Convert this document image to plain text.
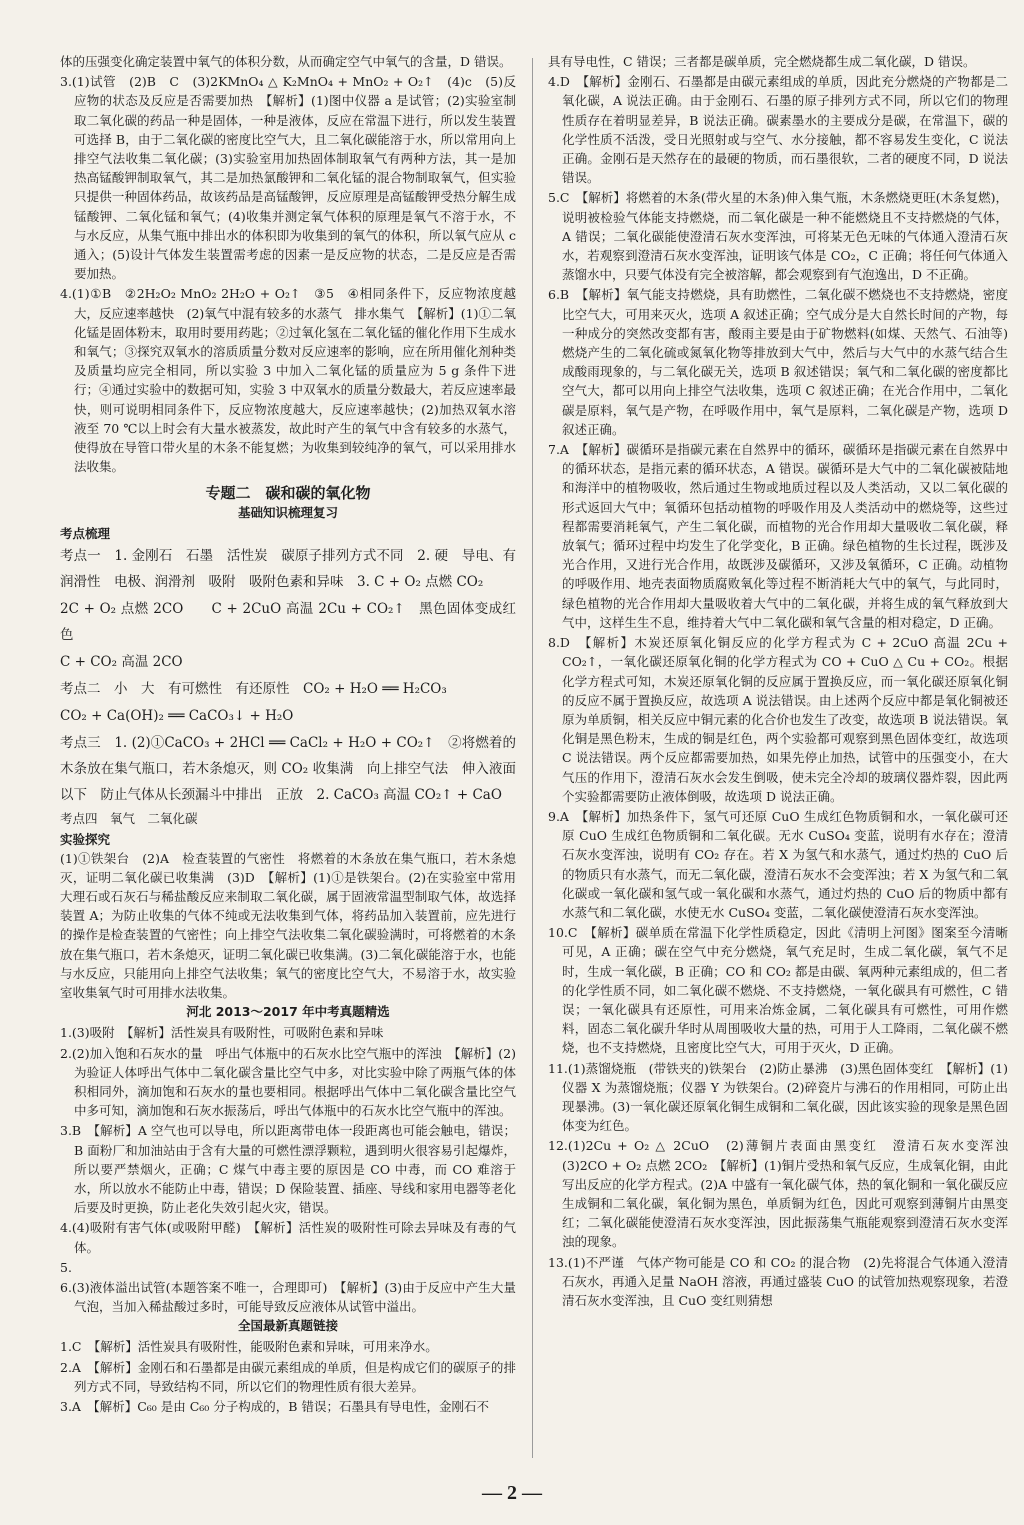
体的压强变化确定装置中氧气的体积分数，从而确定空气中氧气的含量，D 错误。

3.(1)试管　(2)B　C　(3)2KMnO₄ △ K₂MnO₄ + MnO₂ + O₂↑　(4)c　(5)反应物的状态及反应是否需要加热　【解析】(1)图中仪器 a 是试管；(2)实验室制取二氧化碳的药品一种是固体，一种是液体，反应在常温下进行，所以发生装置可选择 B，由于二氧化碳的密度比空气大，且二氧化碳能溶于水，所以常用向上排空气法收集二氧化碳；(3)实验室用加热固体制取氧气有两种方法，其一是加热高锰酸钾制取氧气，其二是加热氯酸钾和二氧化锰的混合物制取氧气，但实验只提供一种固体药品，故该药品是高锰酸钾，反应原理是高锰酸钾受热分解生成锰酸钾、二氧化锰和氧气；(4)收集并测定氧气体积的原理是氧气不溶于水，不与水反应，从集气瓶中排出水的体积即为收集到的氧气的体积，所以氧气应从 c 通入；(5)设计气体发生装置需考虑的因素一是反应物的状态，二是反应是否需要加热。

4.(1)①B　②2H₂O₂ MnO₂ 2H₂O + O₂↑　③5　④相同条件下，反应物浓度越大，反应速率越快　(2)氧气中混有较多的水蒸气　排水集气　【解析】(1)①二氧化锰是固体粉末，取用时要用药匙；②过氧化氢在二氧化锰的催化作用下生成水和氧气；③探究双氧水的溶质质量分数对反应速率的影响，应在所用催化剂种类及质量均应完全相同，所以实验 3 中加入二氧化锰的质量应为 5 g 条件下进行；④通过实验中的数据可知，实验 3 中双氧水的质量分数最大，若反应速率最快，则可说明相同条件下，反应物浓度越大，反应速率越快；(2)加热双氧水溶液至 70 ℃以上时会有大量水被蒸发，故此时产生的氧气中含有较多的水蒸气，使得放在导管口带火星的木条不能复燃；为收集到较纯净的氧气，可以采用排水法收集。

专题二　碳和碳的氧化物
基础知识梳理复习
考点梳理

考点一　1. 金刚石　石墨　活性炭　碳原子排列方式不同　2. 硬　导电、有润滑性　电极、润滑剂　吸附　吸附色素和异味　3. C + O₂ 点燃 CO₂

2C + O₂ 点燃 2CO　　C + 2CuO 高温 2Cu + CO₂↑　黑色固体变成红色

C + CO₂ 高温 2CO

考点二　小　大　有可燃性　有还原性　CO₂ + H₂O ══ H₂CO₃

CO₂ + Ca(OH)₂ ══ CaCO₃↓ + H₂O

考点三　1. (2)①CaCO₃ + 2HCl ══ CaCl₂ + H₂O + CO₂↑　②将燃着的木条放在集气瓶口，若木条熄灭，则 CO₂ 收集满　向上排空气法　伸入液面以下　防止气体从长颈漏斗中排出　正放　2. CaCO₃ 高温 CO₂↑ + CaO

考点四　氧气　二氧化碳

实验探究

(1)①铁架台　(2)A　检查装置的气密性　将燃着的木条放在集气瓶口，若木条熄灭，证明二氧化碳已收集满　(3)D　【解析】(1)①是铁架台。(2)在实验室中常用大理石或石灰石与稀盐酸反应来制取二氧化碳，属于固液常温型制取气体，故选择装置 A；为防止收集的气体不纯或无法收集到气体，将药品加入装置前，应先进行的操作是检查装置的气密性；向上排空气法收集二氧化碳验满时，可将燃着的木条放在集气瓶口，若木条熄灭，证明二氧化碳已收集满。(3)二氧化碳能溶于水，也能与水反应，只能用向上排空气法收集；氧气的密度比空气大，不易溶于水，故实验室收集氧气时可用排水法收集。

河北 2013～2017 年中考真题精选

1.(3)吸附　【解析】活性炭具有吸附性，可吸附色素和异味

2.(2)加入饱和石灰水的量　呼出气体瓶中的石灰水比空气瓶中的浑浊　【解析】(2)为验证人体呼出气体中二氧化碳含量比空气中多，对比实验中除了两瓶气体的体积相同外，滴加饱和石灰水的量也要相同。根据呼出气体中二氧化碳含量比空气中多可知，滴加饱和石灰水振荡后，呼出气体瓶中的石灰水比空气瓶中的浑浊。

3.B　【解析】A 空气也可以导电，所以距离带电体一段距离也可能会触电，错误；B 面粉厂和加油站由于含有大量的可燃性漂浮颗粒，遇到明火很容易引起爆炸，所以要严禁烟火，正确；C 煤气中毒主要的原因是 CO 中毒，而 CO 难溶于水，所以放水不能防止中毒，错误；D 保险装置、插座、导线和家用电器等老化后要及时更换，防止老化失效引起火灾，错误。

4.(4)吸附有害气体(或吸附甲醛)　【解析】活性炭的吸附性可除去异味及有毒的气体。

5.

6.(3)液体溢出试管(本题答案不唯一，合理即可)　【解析】(3)由于反应中产生大量气泡，当加入稀盐酸过多时，可能导致反应液体从试管中溢出。

全国最新真题链接

1.C　【解析】活性炭具有吸附性，能吸附色素和异味，可用来净水。

2.A　【解析】金刚石和石墨都是由碳元素组成的单质，但是构成它们的碳原子的排列方式不同，导致结构不同，所以它们的物理性质有很大差异。

3.A　【解析】C₆₀ 是由 C₆₀ 分子构成的，B 错误；石墨具有导电性，金刚石不

具有导电性，C 错误；三者都是碳单质，完全燃烧都生成二氧化碳，D 错误。

4.D　【解析】金刚石、石墨都是由碳元素组成的单质，因此充分燃烧的产物都是二氧化碳，A 说法正确。由于金刚石、石墨的原子排列方式不同，所以它们的物理性质存在着明显差异，B 说法正确。碳素墨水的主要成分是碳，在常温下，碳的化学性质不活泼，受日光照射或与空气、水分接触，都不容易发生变化，C 说法正确。金刚石是天然存在的最硬的物质，而石墨很软，二者的硬度不同，D 说法错误。

5.C　【解析】将燃着的木条(带火星的木条)伸入集气瓶，木条燃烧更旺(木条复燃)，说明被检验气体能支持燃烧，而二氧化碳是一种不能燃烧且不支持燃烧的气体，A 错误；二氧化碳能使澄清石灰水变浑浊，可将某无色无味的气体通入澄清石灰水，若观察到澄清石灰水变浑浊，证明该气体是 CO₂，C 正确；将任何气体通入蒸馏水中，只要气体没有完全被溶解，都会观察到有气泡逸出，D 不正确。

6.B　【解析】氧气能支持燃烧，具有助燃性，二氧化碳不燃烧也不支持燃烧，密度比空气大，可用来灭火，选项 A 叙述正确；空气成分是大自然长时间的产物，每一种成分的突然改变都有害，酸雨主要是由于矿物燃料(如煤、天然气、石油等)燃烧产生的二氧化硫或氮氧化物等排放到大气中，然后与大气中的水蒸气结合生成酸雨现象的，与二氧化碳无关，选项 B 叙述错误；氧气和二氧化碳的密度都比空气大，都可以用向上排空气法收集，选项 C 叙述正确；在光合作用中，二氧化碳是原料，氧气是产物，在呼吸作用中，氧气是原料，二氧化碳是产物，选项 D 叙述正确。

7.A　【解析】碳循环是指碳元素在自然界中的循环，碳循环是指碳元素在自然界中的循环状态，是指元素的循环状态，A 错误。碳循环是大气中的二氧化碳被陆地和海洋中的植物吸收，然后通过生物或地质过程以及人类活动，又以二氧化碳的形式返回大气中；氧循环包括动植物的呼吸作用及人类活动中的燃烧等，这些过程都需要消耗氧气，产生二氧化碳，而植物的光合作用却大量吸收二氧化碳，释放氧气；循环过程中均发生了化学变化，B 正确。绿色植物的生长过程，既涉及光合作用，又进行光合作用，故既涉及碳循环，又涉及氧循环，C 正确。动植物的呼吸作用、地壳表面物质腐败氧化等过程不断消耗大气中的氧气，与此同时，绿色植物的光合作用却大量吸收着大气中的二氧化碳，并将生成的氧气释放到大气中，这样生生不息，维持着大气中二氧化碳和氧气含量的相对稳定，D 正确。

8.D　【解析】木炭还原氧化铜反应的化学方程式为 C + 2CuO 高温 2Cu + CO₂↑，一氧化碳还原氧化铜的化学方程式为 CO + CuO △ Cu + CO₂。根据化学方程式可知，木炭还原氧化铜的反应属于置换反应，而一氧化碳还原氧化铜的反应不属于置换反应，故选项 A 说法错误。由上述两个反应中都是氧化铜被还原为单质铜，相关反应中铜元素的化合价也发生了改变，故选项 B 说法错误。氧化铜是黑色粉末，生成的铜是红色，两个实验都可观察到黑色固体变红，故选项 C 说法错误。两个反应都需要加热，如果先停止加热，试管中的压强变小，在大气压的作用下，澄清石灰水会发生倒吸，使未完全冷却的玻璃仪器炸裂，因此两个实验都需要防止液体倒吸，故选项 D 说法正确。

9.A　【解析】加热条件下，氢气可还原 CuO 生成红色物质铜和水，一氧化碳可还原 CuO 生成红色物质铜和二氧化碳。无水 CuSO₄ 变蓝，说明有水存在；澄清石灰水变浑浊，说明有 CO₂ 存在。若 X 为氢气和水蒸气，通过灼热的 CuO 后的物质只有水蒸气，而无二氧化碳，澄清石灰水不会变浑浊；若 X 为氢气和二氧化碳或一氧化碳和氢气或一氧化碳和水蒸气，通过灼热的 CuO 后的物质中都有水蒸气和二氧化碳，水使无水 CuSO₄ 变蓝，二氧化碳使澄清石灰水变浑浊。

10.C　【解析】碳单质在常温下化学性质稳定，因此《清明上河图》图案至今清晰可见，A 正确；碳在空气中充分燃烧，氧气充足时，生成二氧化碳，氧气不足时，生成一氧化碳，B 正确；CO 和 CO₂ 都是由碳、氧两种元素组成的，但二者的化学性质不同，如二氧化碳不燃烧、不支持燃烧，一氧化碳具有可燃性，C 错误；一氧化碳具有还原性，可用来冶炼金属，二氧化碳具有可燃性，可用作燃料，固态二氧化碳升华时从周围吸收大量的热，可用于人工降雨，二氧化碳不燃烧，也不支持燃烧，且密度比空气大，可用于灭火，D 正确。

11.(1)蒸馏烧瓶　(带铁夹的)铁架台　(2)防止暴沸　(3)黑色固体变红　【解析】(1)仪器 X 为蒸馏烧瓶；仪器 Y 为铁架台。(2)碎瓷片与沸石的作用相同，可防止出现暴沸。(3)一氧化碳还原氧化铜生成铜和二氧化碳，因此该实验的现象是黑色固体变为红色。

12.(1)2Cu + O₂ △ 2CuO　(2)薄铜片表面由黑变红　澄清石灰水变浑浊　(3)2CO + O₂ 点燃 2CO₂　【解析】(1)铜片受热和氧气反应，生成氧化铜，由此写出反应的化学方程式。(2)A 中盛有一氧化碳气体，热的氧化铜和一氧化碳反应生成铜和二氧化碳，氧化铜为黑色，单质铜为红色，因此可观察到薄铜片由黑变红；二氧化碳能使澄清石灰水变浑浊，因此振荡集气瓶能观察到澄清石灰水变浑浊的现象。

13.(1)不严谨　气体产物可能是 CO 和 CO₂ 的混合物　(2)先将混合气体通入澄清石灰水，再通入足量 NaOH 溶液，再通过盛装 CuO 的试管加热观察现象，若澄清石灰水变浑浊，且 CuO 变红则猜想

— 2 —
